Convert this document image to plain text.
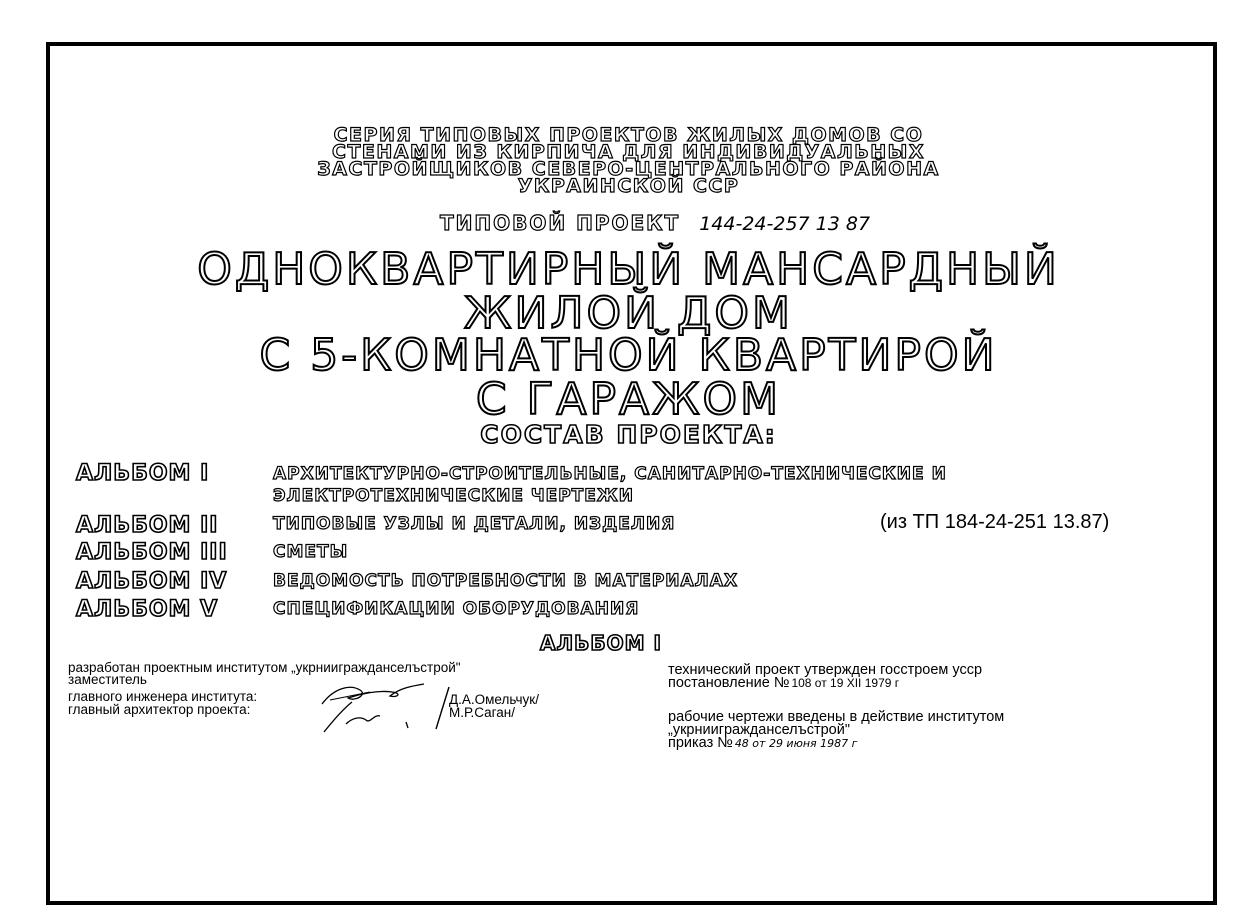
СЕРИЯ ТИПОВЫХ ПРОЕКТОВ ЖИЛЫХ ДОМОВ СО
СТЕНАМИ ИЗ КИРПИЧА ДЛЯ ИНДИВИДУАЛЬНЫХ
ЗАСТРОЙЩИКОВ СЕВЕРО-ЦЕНТРАЛЬНОГО РАЙОНА
УКРАИНСКОЙ ССР
ТИПОВОЙ ПРОЕКТ 144-24-257 13 87
ОДНОКВАРТИРНЫЙ МАНСАРДНЫЙ
ЖИЛОЙ ДОМ
С 5-КОМНАТНОЙ КВАРТИРОЙ
С ГАРАЖОМ
СОСТАВ ПРОЕКТА:
АЛЬБОМ I	АРХИТЕКТУРНО-СТРОИТЕЛЬНЫЕ, САНИТАРНО-ТЕХНИЧЕСКИЕ И
ЭЛЕКТРОТЕХНИЧЕСКИЕ ЧЕРТЕЖИ
АЛЬБОМ II	ТИПОВЫЕ УЗЛЫ И ДЕТАЛИ, ИЗДЕЛИЯ	(из ТП 184-24-251 13.87)
АЛЬБОМ III	СМЕТЫ
АЛЬБОМ IV	ВЕДОМОСТЬ ПОТРЕБНОСТИ В МАТЕРИАЛАХ
АЛЬБОМ V	СПЕЦИФИКАЦИИ ОБОРУДОВАНИЯ
АЛЬБОМ I
разработан проектным институтом „укрниигражданселъстрой"
заместитель
главного инженера института:
главный архитектор проекта:
Д.А.Омельчук/
М.Р.Саган/
технический проект утвержден госстроем усср
постановление № 108 от 19 XII 1979 г
рабочие чертежи введены в действие институтом
„укрниигражданселъстрой"
приказ № 48 от 29 июня 1987 г
